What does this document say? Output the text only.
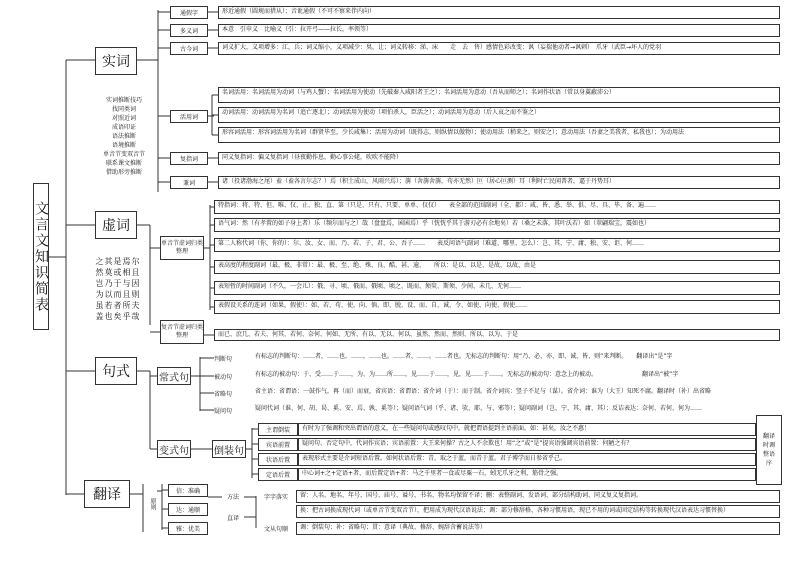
文言文知识简表
实词
虚词
句式
翻译
实词推断技巧
找同类词
对照近词
成语印证
语法推断
语境推断
单音节变双音节
联系课文推断
借助形旁推断
通假字	形近通假（圆规而措从）；音讹通假（不可不察来伴内向）
多义词	本意　引申义　比喻义（引：拉开弓——拉长，率领等）
古今词	词义扩大，义项增多：江，兵；词义缩小，义项减少：臭，让；词义转移：涕、床　　走　去　售）感情色彩改变：讽（妄揣他动者→讽刺）　爪牙（武臣→坏人的党羽
活用词
名词活用：名词活用为动词（与鸡人蟹）；名词活用为使动（先破秦入咸阳者王之）；名词活用为意动（吾从而师之）；名词作状语（常以身翼蔽沛公）
动词活用：动词活用为名词（追亡逐北）；动词活用为使动（项伯杀人，臣活之）；动词活用为意动（后人哀之而不鉴之）
形容词活用：形容词活用为名词（群贤毕至，少长咸集）；活用为动词（既得志，则纵情以傲物）；使动用法（稍来之，则安之）；意动用法（吾妻之美我者，私我也）；为动用法
复指词	同义复指词：偏义复指词（昼夜勤作息，勤心事公姥，吹吹不能降）
兼词	诸（投诸渤海之尾）盍（盍各言尔志？）焉（积土成山，风雨兴焉）；旃（舍旃舍旃，苟亦无然）叵（居心叵测）耳（利时亡民闲普者，逼于丹势耳）
之其是焉尔
然莫或相且
岂乃于与因
为以而且则
虽若者所夫
盖也矣乎哉
单音节虚词归类整理
复音节虚词归类整理
特指词：将、特、但、唯、仅、止、独、直、第（只是、只有、只要、单单、仅仅）　　表全部的范围副词（全、都）：咸、皆、悉、举、俱、尽、具、毕、备、遍……
语气词：然（有孝置的如子身上者）乐（频尔而与之）哉（盘盘焉，囷囷焉）乎（恍恍乎其于游刃必有余地矣）若（桑之未落，其叶沃若）如（翠翩瑞宝，震如也）
第二人称代词（你，你的）：尔、汝、女、而、乃、若、子、君、公、吾子……　　表反问语气副词（难道、哪里、怎么）：岂、其、宁、庸、独、安、讵、何……
表高度的程度副词（最，极，非常）：最、极、至、绝、殊、良、酷、甚、逾、　　所以：是以、以是、是故、以故、由是
表短暂的时间副词（不久，一会儿）：俄、寻、顷、俄而、俄顷、顷之、既而、须臾、斯须、少间、未几、无何……
表假设关系的连词（如果，假使）：如、若、苟、使、向、倘、即、脱、设、而、自、诚、令、如使、向使、假使……
而已、庶几、若夫、何其、若何、奈何、何如、无所、有以、无以、何以、虽然、然而、然则、所以、以为、于是
常式句
变式句	倒装句
判断句	有标志的判断句：……者，……也。……，……也。……者，……。……者也。无标志的判断句：用“乃、必、亦、即、诚、皆、则”来判断。　　翻译出“是”字
被动句	有标志的被动句：于、受……于……，为、为……所……，见……于……，见，见……于……。无标志的被动句：意念上的被动。　　　　　　　　翻译出“被”字
省略句	省主语：省谓语：一鼓作气，再（而）而衰，省宾语：省谓语：省介词（于）：而于制。省介词宾：竖子不足与（谋）。省介词：谁为（大王）知死不腐。翻译时（补）出省略
疑问句	疑问代词（谁、何、胡、曷、奚、安、焉、孰、奚等）；疑问语气词（乎、诸、欤、耶、与、邪等）；疑问副词（岂、宁、其、庸、其）；反诘表达：奈何、若何、何为……
主谓倒装	有时为了强调和突出谓语的意义，在一些疑问句或感叹句中，就把谓语提到主语前面。如：甚矣，汝之不惠！
宾语前置	疑问句、否定句中，代词作宾语；宾语前置：大王来何操？古之人不余欺也！用“之”或“是”提宾语强调宾语前置：何陋之有？
状语后置	表现形式主要是介词短语后置。如何状语后置：青，取之于蓝，而青于蓝。君子博学而日参省乎己。
定语后置	中心词+之+定语+者，而后置定语+者：马之千里者一食或尽粟一石，蚓无爪牙之利，筋骨之强。
翻译时调整语序
原则
信：准确
达：通顺
雅：优美
方法
直译
字字落实	留：人名、地名、年号、国号、庙号、谥号、书名、物名均保留不译；删：表整副词、发语词、部分结构助词、同义复义复指词。
换：把古词换成现代词（或单音节变双音节），把用成为现代汉语说法；调：部分修辞格、各种习惯用语，现已不用的词或固定结构等转换现代汉语表达习惯替换）
文从句顺	调：倒装句；补：省略句；贯：意译（典故、修辞、婉辞含蓄说法等）
